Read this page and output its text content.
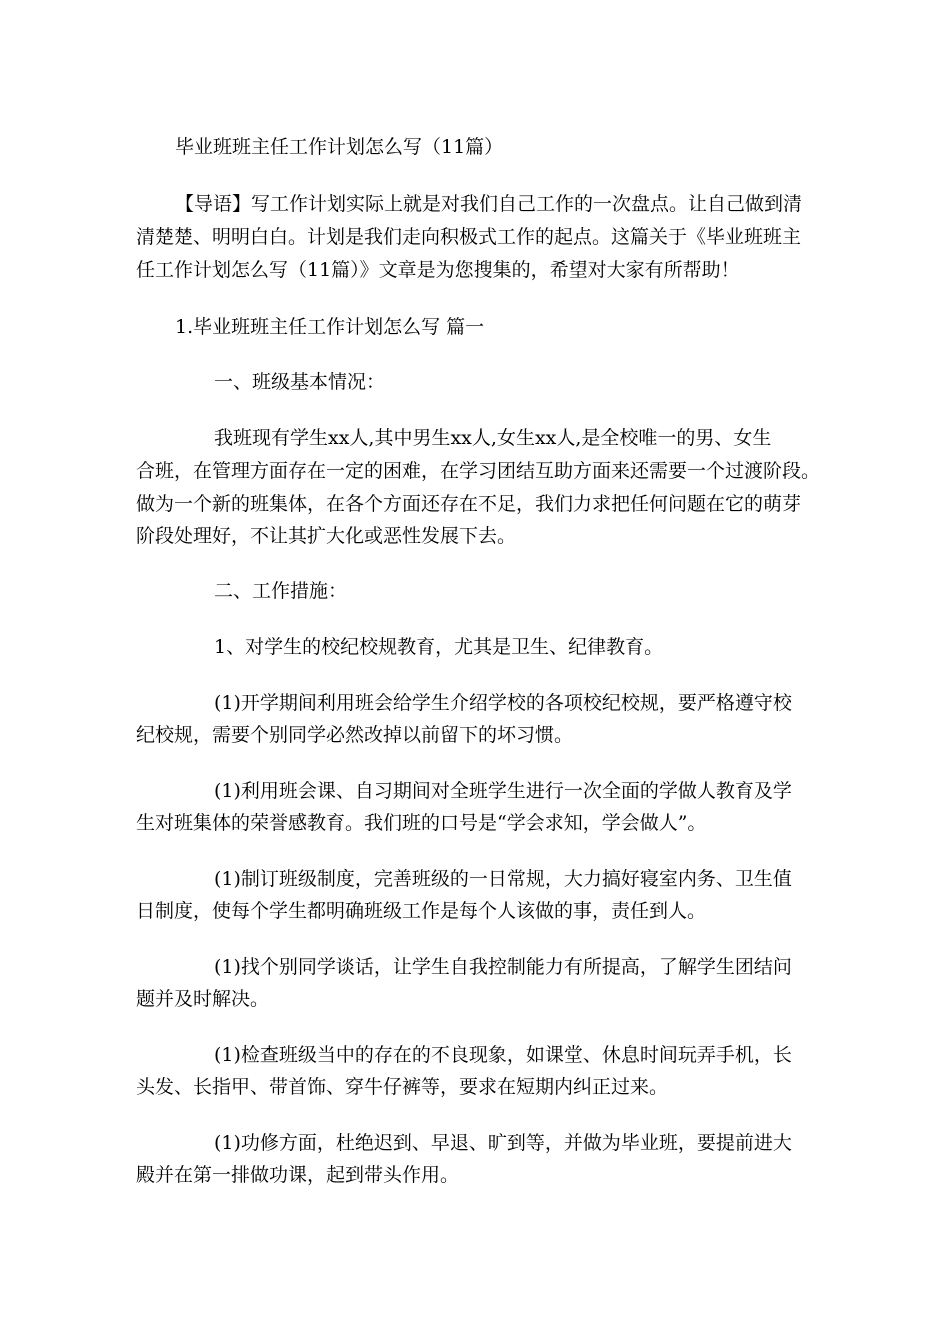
毕业班班主任工作计划怎么写（11篇）

【导语】写工作计划实际上就是对我们自己工作的一次盘点。让自己做到清

清楚楚、明明白白。计划是我们走向积极式工作的起点。这篇关于《毕业班班主

任工作计划怎么写（11篇）》文章是为您搜集的，希望对大家有所帮助！

1.毕业班班主任工作计划怎么写 篇一

一、班级基本情况：

我班现有学生xx人,其中男生xx人,女生xx人,是全校唯一的男、女生

合班，在管理方面存在一定的困难，在学习团结互助方面来还需要一个过渡阶段。

做为一个新的班集体，在各个方面还存在不足，我们力求把任何问题在它的萌芽

阶段处理好，不让其扩大化或恶性发展下去。

二、工作措施：

1、对学生的校纪校规教育，尤其是卫生、纪律教育。

(1)开学期间利用班会给学生介绍学校的各项校纪校规，要严格遵守校

纪校规，需要个别同学必然改掉以前留下的坏习惯。

(1)利用班会课、自习期间对全班学生进行一次全面的学做人教育及学

生对班集体的荣誉感教育。我们班的口号是“学会求知，学会做人”。

(1)制订班级制度，完善班级的一日常规，大力搞好寝室内务、卫生值

日制度，使每个学生都明确班级工作是每个人该做的事，责任到人。

(1)找个别同学谈话，让学生自我控制能力有所提高，了解学生团结问

题并及时解决。

(1)检查班级当中的存在的不良现象，如课堂、休息时间玩弄手机，长

头发、长指甲、带首饰、穿牛仔裤等，要求在短期内纠正过来。

(1)功修方面，杜绝迟到、早退、旷到等，并做为毕业班，要提前进大

殿并在第一排做功课，起到带头作用。
